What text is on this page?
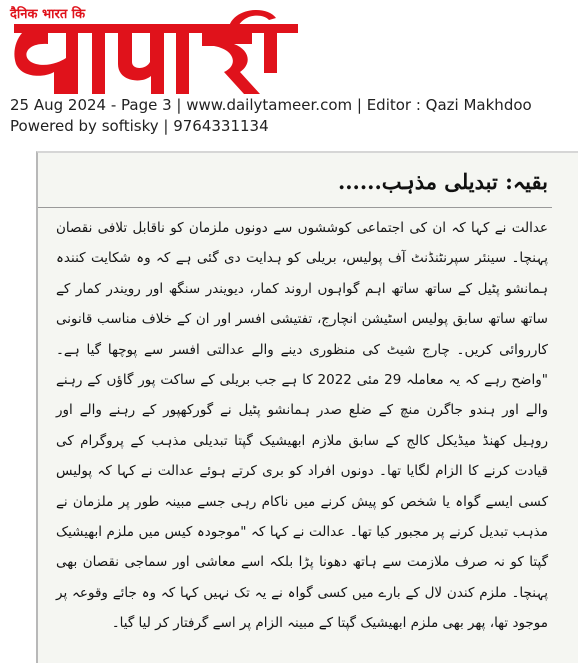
दैनिक भारत कि
25 Aug 2024 - Page 3 | www.dailytameer.com | Editor : Qazi Makhdoo
Powered by softisky | 9764331134
بقیہ: تبدیلی مذہب......

عدالت نے کہا کہ ان کی اجتماعی کوششوں سے دونوں ملزمان کو ناقابل تلافی نقصان پہنچا۔ سینئر سپرنٹنڈنٹ آف پولیس، بریلی کو ہدایت دی گئی ہے کہ وہ شکایت کنندہ ہمانشو پٹیل کے ساتھ ساتھ اہم گواہوں اروند کمار، دیویندر سنگھ اور رویندر کمار کے ساتھ ساتھ سابق پولیس اسٹیشن انچارج، تفتیشی افسر اور ان کے خلاف مناسب قانونی کارروائی کریں۔ چارج شیٹ کی منظوری دینے والے عدالتی افسر سے پوچھا گیا ہے۔ "واضح رہے کہ یہ معاملہ 29 مئی 2022 کا ہے جب بریلی کے ساکت پور گاؤں کے رہنے والے اور ہندو جاگرن منچ کے ضلع صدر ہمانشو پٹیل نے گورکھپور کے رہنے والے اور روہیل کھنڈ میڈیکل کالج کے سابق ملازم ابھیشیک گپتا تبدیلی مذہب کے پروگرام کی قیادت کرنے کا الزام لگایا تھا۔ دونوں افراد کو بری کرتے ہوئے عدالت نے کہا کہ پولیس کسی ایسے گواہ یا شخص کو پیش کرنے میں ناکام رہی جسے مبینہ طور پر ملزمان نے مذہب تبدیل کرنے پر مجبور کیا تھا۔ عدالت نے کہا کہ "موجودہ کیس میں ملزم ابھیشیک گپتا کو نہ صرف ملازمت سے ہاتھ دھونا پڑا بلکہ اسے معاشی اور سماجی نقصان بھی پہنچا۔ ملزم کندن لال کے بارے میں کسی گواہ نے یہ تک نہیں کہا کہ وہ جائے وقوعہ پر موجود تھا، پھر بھی ملزم ابھیشیک گپتا کے مبینہ الزام پر اسے گرفتار کر لیا گیا۔
